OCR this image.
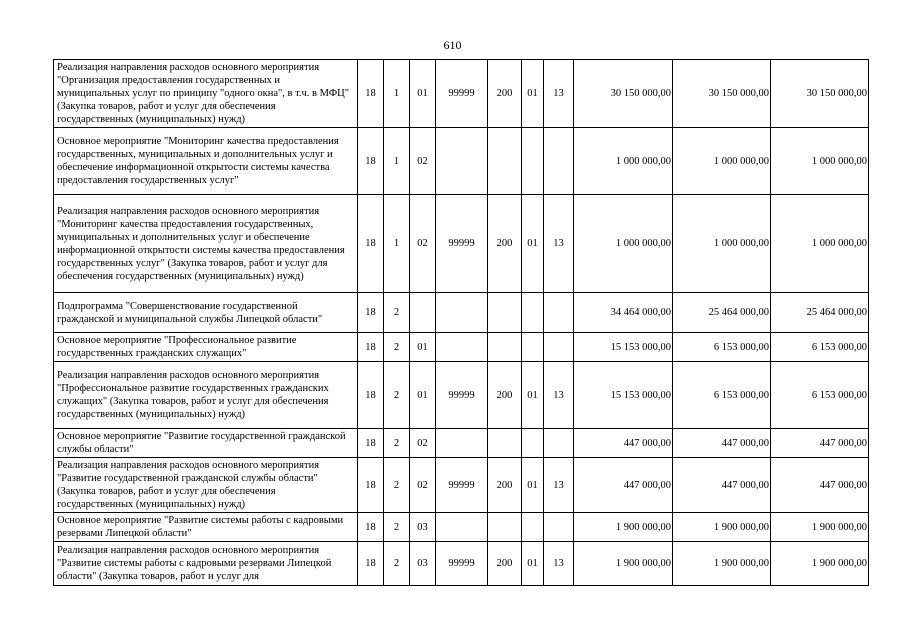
610
Реализация направления расходов основного мероприятия "Организация предоставления государственных и муниципальных услуг по принципу "одного окна", в т.ч. в МФЦ" (Закупка товаров, работ и услуг для обеспечения государственных (муниципальных) нужд)	18	1	01	99999	200	01	13	30 150 000,00	30 150 000,00	30 150 000,00
Основное мероприятие "Мониторинг качества предоставления государственных, муниципальных и дополнительных услуг и обеспечение информационной открытости системы качества предоставления государственных услуг"	18	1	02					1 000 000,00	1 000 000,00	1 000 000,00
Реализация направления расходов основного мероприятия "Мониторинг качества предоставления государственных, муниципальных и дополнительных услуг и обеспечение информационной открытости системы качества предоставления государственных услуг" (Закупка товаров, работ и услуг для обеспечения государственных (муниципальных) нужд)	18	1	02	99999	200	01	13	1 000 000,00	1 000 000,00	1 000 000,00
Подпрограмма "Совершенствование государственной гражданской и муниципальной службы Липецкой области"	18	2						34 464 000,00	25 464 000,00	25 464 000,00
Основное мероприятие "Профессиональное развитие государственных гражданских служащих"	18	2	01					15 153 000,00	6 153 000,00	6 153 000,00
Реализация направления расходов основного мероприятия "Профессиональное развитие государственных гражданских служащих" (Закупка товаров, работ и услуг для обеспечения государственных (муниципальных) нужд)	18	2	01	99999	200	01	13	15 153 000,00	6 153 000,00	6 153 000,00
Основное мероприятие "Развитие государственной гражданской службы области"	18	2	02					447 000,00	447 000,00	447 000,00
Реализация направления расходов основного мероприятия "Развитие государственной гражданской службы области" (Закупка товаров, работ и услуг для обеспечения государственных (муниципальных) нужд)	18	2	02	99999	200	01	13	447 000,00	447 000,00	447 000,00
Основное мероприятие "Развитие системы работы с кадровыми резервами Липецкой области"	18	2	03					1 900 000,00	1 900 000,00	1 900 000,00
Реализация направления расходов основного мероприятия "Развитие системы работы с кадровыми резервами Липецкой области" (Закупка товаров, работ и услуг для	18	2	03	99999	200	01	13	1 900 000,00	1 900 000,00	1 900 000,00
